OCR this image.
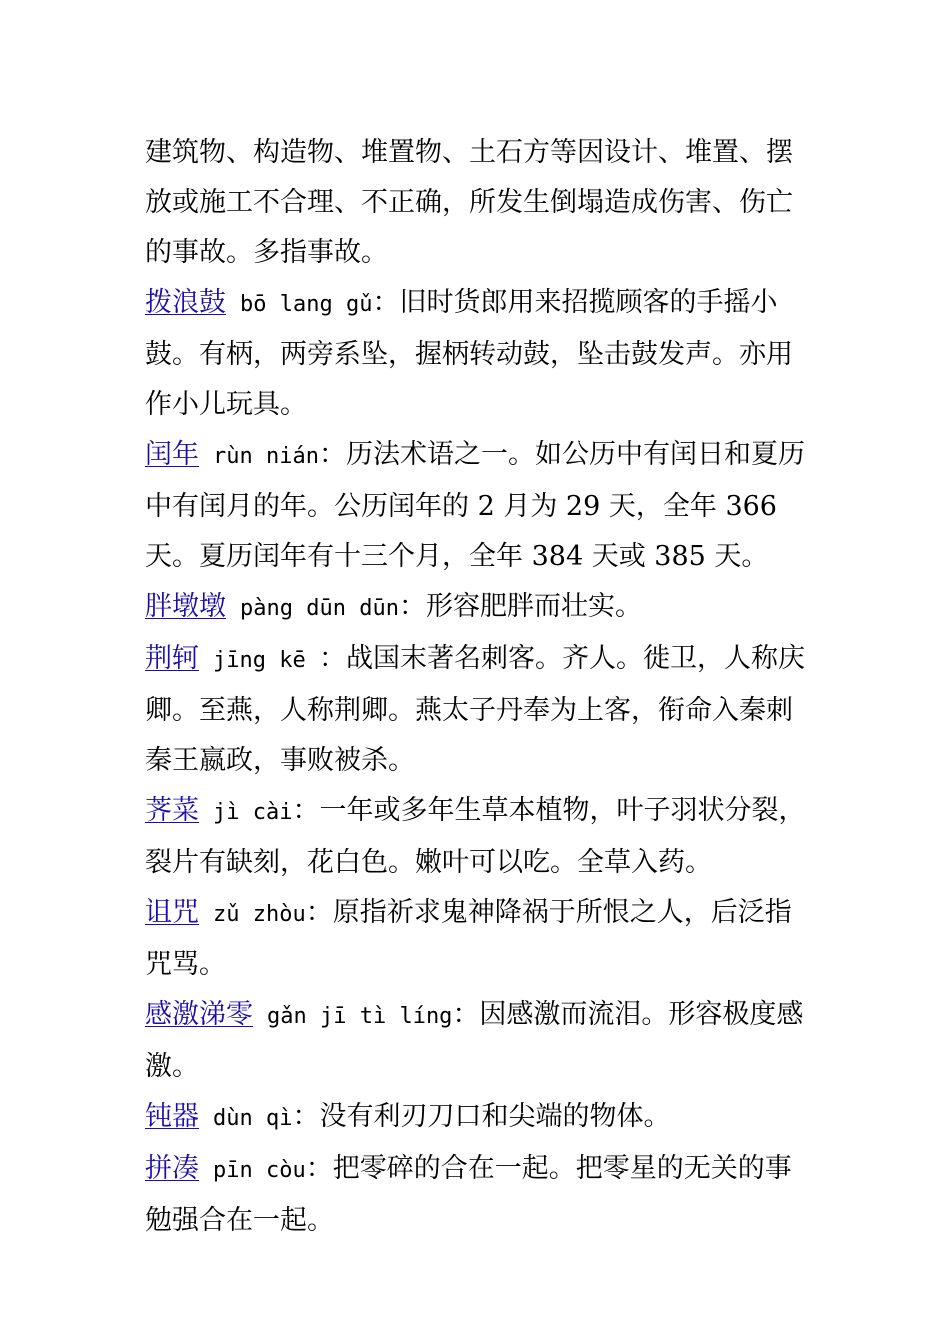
建筑物、构造物、堆置物、土石方等因设计、堆置、摆放或施工不合理、不正确，所发生倒塌造成伤害、伤亡的事故。多指事故。

拨浪鼓 bō lang gǔ：旧时货郎用来招揽顾客的手摇小鼓。有柄，两旁系坠，握柄转动鼓，坠击鼓发声。亦用作小儿玩具。

闰年 rùn nián：历法术语之一。如公历中有闰日和夏历中有闰月的年。公历闰年的 2 月为 29 天，全年 366 天。夏历闰年有十三个月，全年 384 天或 385 天。

胖墩墩 pàng dūn dūn：形容肥胖而壮实。

荆轲 jīng kē ：战国末著名刺客。齐人。徙卫，人称庆卿。至燕，人称荆卿。燕太子丹奉为上客，衔命入秦刺秦王嬴政，事败被杀。

荠菜 jì cài：一年或多年生草本植物，叶子羽状分裂，裂片有缺刻，花白色。嫩叶可以吃。全草入药。

诅咒 zǔ zhòu：原指祈求鬼神降祸于所恨之人，后泛指咒骂。

感激涕零 gǎn jī tì líng：因感激而流泪。形容极度感激。

钝器 dùn qì：没有利刃刀口和尖端的物体。

拼凑 pīn còu：把零碎的合在一起。把零星的无关的事勉强合在一起。
